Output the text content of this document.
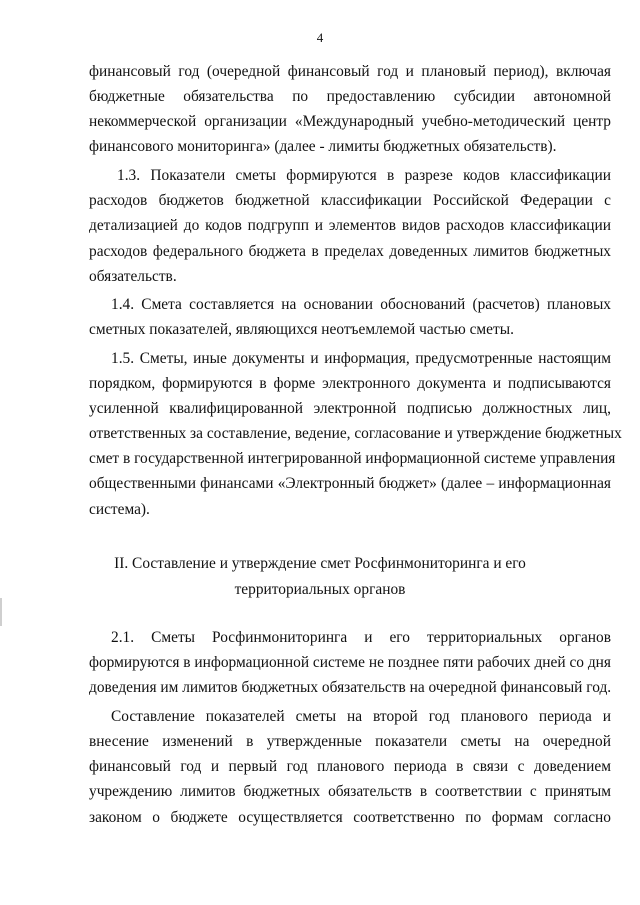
4
финансовый год (очередной финансовый год и плановый период), включая
бюджетные обязательства по предоставлению субсидии автономной
некоммерческой организации «Международный учебно-методический центр
финансового мониторинга» (далее - лимиты бюджетных обязательств).
1.3. Показатели сметы формируются в разрезе кодов классификации
расходов бюджетов бюджетной классификации Российской Федерации с
детализацией до кодов подгрупп и элементов видов расходов классификации
расходов федерального бюджета в пределах доведенных лимитов бюджетных
обязательств.
1.4. Смета составляется на основании обоснований (расчетов) плановых
сметных показателей, являющихся неотъемлемой частью сметы.
1.5. Сметы, иные документы и информация, предусмотренные настоящим
порядком, формируются в форме электронного документа и подписываются
усиленной квалифицированной электронной подписью должностных лиц,
ответственных за составление, ведение, согласование и утверждение бюджетных
смет в государственной интегрированной информационной системе управления
общественными финансами «Электронный бюджет» (далее – информационная
система).
II. Составление и утверждение смет Росфинмониторинга и его
территориальных органов
2.1. Сметы Росфинмониторинга и его территориальных органов
формируются в информационной системе не позднее пяти рабочих дней со дня
доведения им лимитов бюджетных обязательств на очередной финансовый год.
Составление показателей сметы на второй год планового периода и
внесение изменений в утвержденные показатели сметы на очередной
финансовый год и первый год планового периода в связи с доведением
учреждению лимитов бюджетных обязательств в соответствии с принятым
законом о бюджете осуществляется соответственно по формам согласно
